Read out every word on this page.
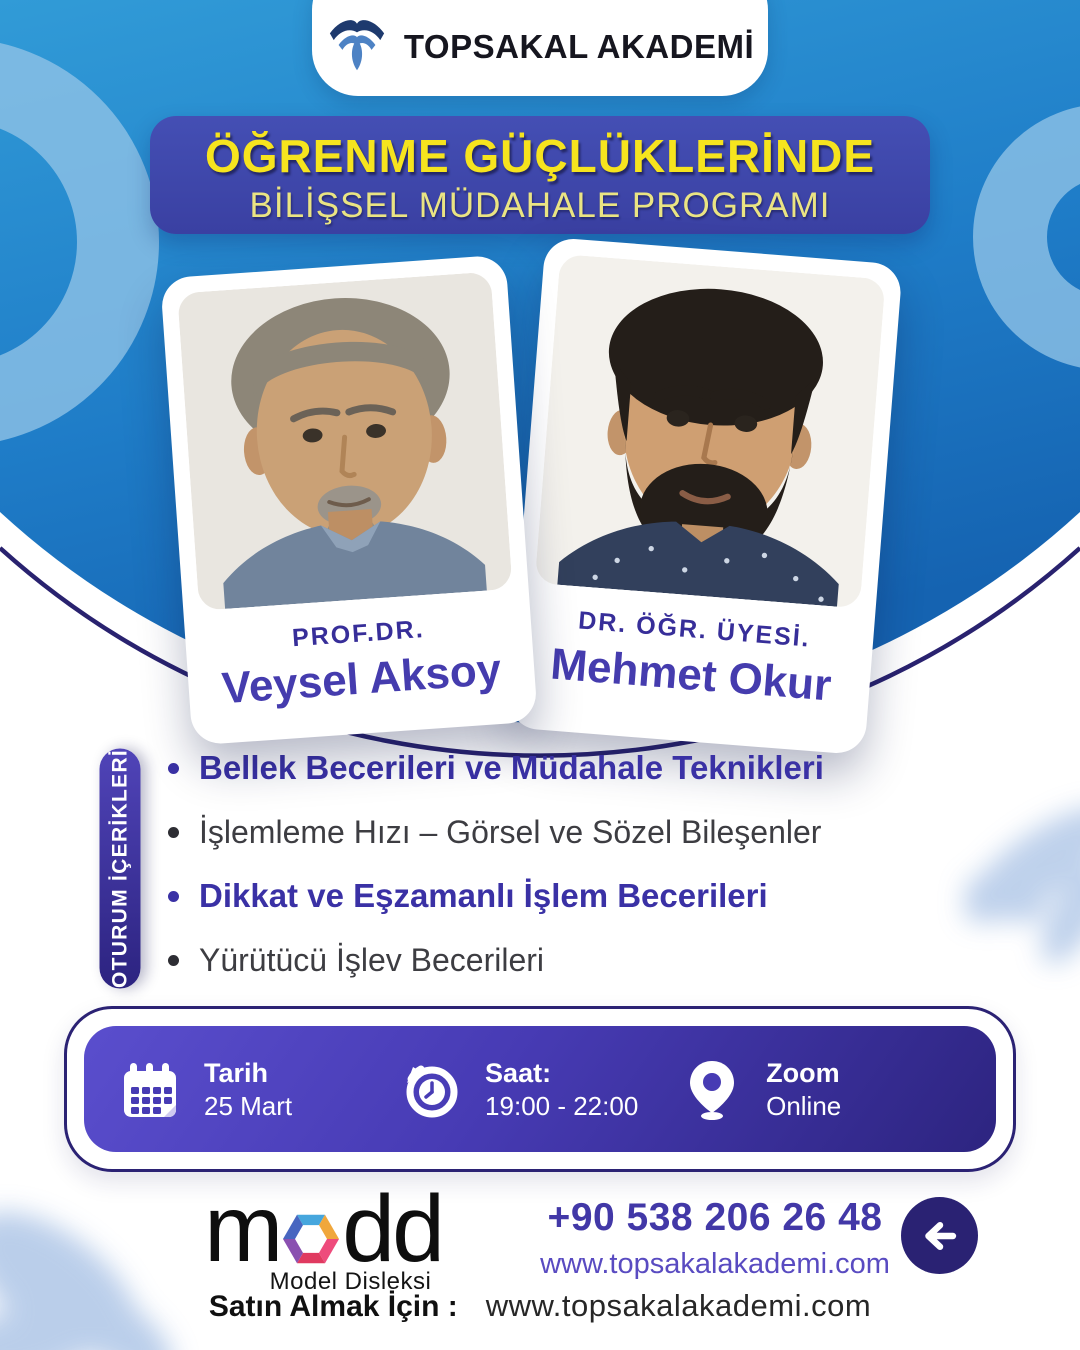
TOPSAKAL AKADEMİ
ÖĞRENME GÜÇLÜKLERİNDE
BİLİŞSEL MÜDAHALE PROGRAMI
PROF.DR.
Veysel Aksoy
DR. ÖĞR. ÜYESİ.
Mehmet Okur
OTURUM İÇERİKLERİ	Bellek Becerileri ve Müdahale Teknikleri
İşlemleme Hızı – Görsel ve Sözel Bileşenler
Dikkat ve Eşzamanlı İşlem Becerileri
Yürütücü İşlev Becerileri
Tarih
25 Mart
Saat:
19:00 - 22:00
Zoom
Online
m dd
Model Disleksi
+90 538 206 26 48
www.topsakalakademi.com
Satın Almak İçin : www.topsakalakademi.com
